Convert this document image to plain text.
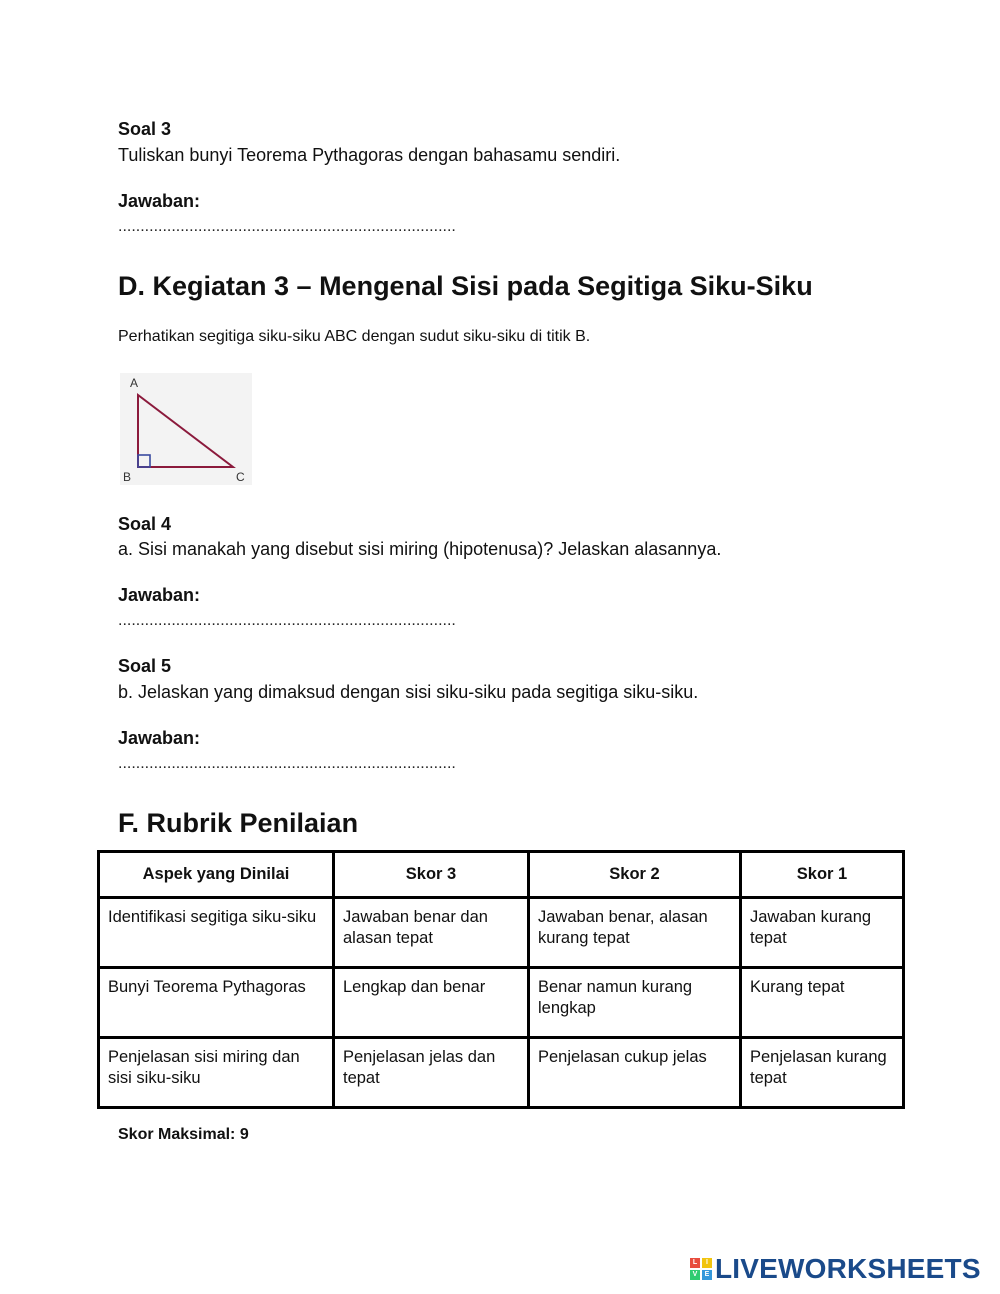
Soal 3
Tuliskan bunyi Teorema Pythagoras dengan bahasamu sendiri.
Jawaban:
............................................................................
D. Kegiatan 3 – Mengenal Sisi pada Segitiga Siku-Siku
Perhatikan segitiga siku-siku ABC dengan sudut siku-siku di titik B.
A
B	C
Soal 4
a. Sisi manakah yang disebut sisi miring (hipotenusa)? Jelaskan alasannya.
Jawaban:
............................................................................
Soal 5
b. Jelaskan yang dimaksud dengan sisi siku-siku pada segitiga siku-siku.
Jawaban:
............................................................................
F. Rubrik Penilaian
Aspek yang Dinilai	Skor 3	Skor 2	Skor 1
Identifikasi segitiga siku-siku	Jawaban benar dan alasan tepat	Jawaban benar, alasan kurang tepat	Jawaban kurang tepat
Bunyi Teorema Pythagoras	Lengkap dan benar	Benar namun kurang lengkap	Kurang tepat
Penjelasan sisi miring dan sisi siku-siku	Penjelasan jelas dan tepat	Penjelasan cukup jelas	Penjelasan kurang tepat
Skor Maksimal: 9
L	I
V	E LIVEWORKSHEETS
